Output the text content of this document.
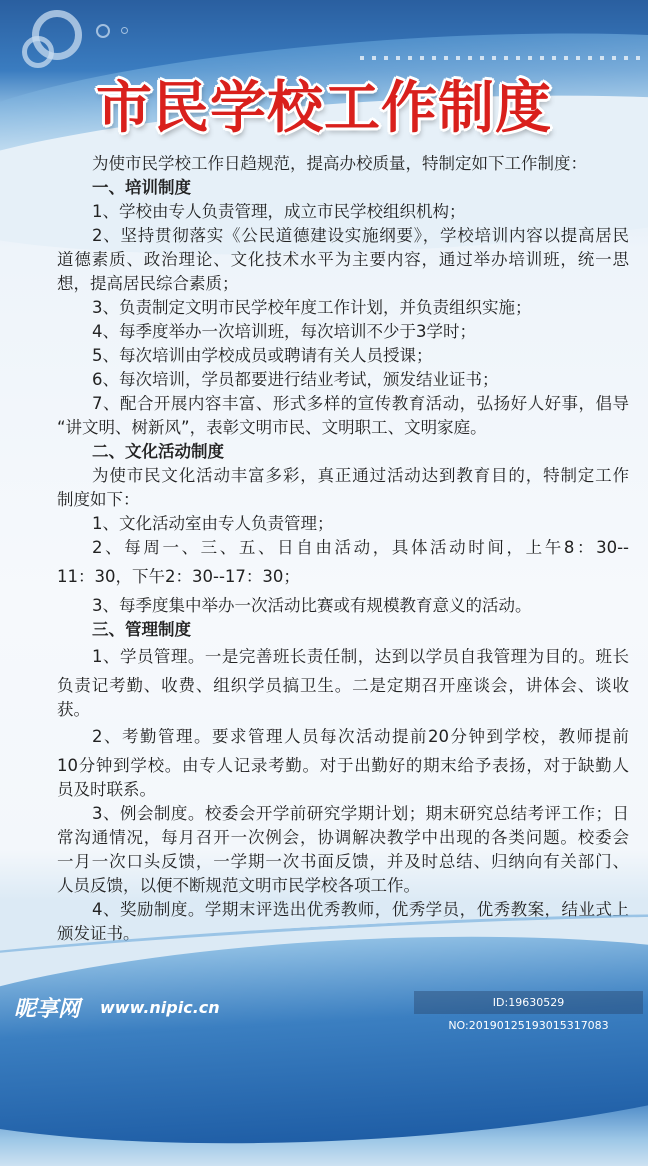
市民学校工作制度
为使市民学校工作日趋规范，提高办校质量，特制定如下工作制度：
一、培训制度
1、学校由专人负责管理，成立市民学校组织机构；
2、坚持贯彻落实《公民道德建设实施纲要》，学校培训内容以提高居民
道德素质、政治理论、文化技术水平为主要内容，通过举办培训班，统一思
想，提高居民综合素质；
3、负责制定文明市民学校年度工作计划，并负责组织实施；
4、每季度举办一次培训班，每次培训不少于3学时；
5、每次培训由学校成员或聘请有关人员授课；
6、每次培训，学员都要进行结业考试，颁发结业证书；
7、配合开展内容丰富、形式多样的宣传教育活动，弘扬好人好事，倡导
“讲文明、树新风”，表彰文明市民、文明职工、文明家庭。
二、文化活动制度
为使市民文化活动丰富多彩，真正通过活动达到教育目的，特制定工作
制度如下：
1、文化活动室由专人负责管理；
2、每周一、三、五、日自由活动，具体活动时间，上午8：30--
11：30，下午2：30--17：30；
3、每季度集中举办一次活动比赛或有规模教育意义的活动。
三、管理制度
1、学员管理。一是完善班长责任制，达到以学员自我管理为目的。班长
负责记考勤、收费、组织学员搞卫生。二是定期召开座谈会，讲体会、谈收
获。
2、考勤管理。要求管理人员每次活动提前20分钟到学校，教师提前
10分钟到学校。由专人记录考勤。对于出勤好的期末给予表扬，对于缺勤人
员及时联系。
3、例会制度。校委会开学前研究学期计划；期末研究总结考评工作；日
常沟通情况，每月召开一次例会，协调解决教学中出现的各类问题。校委会
一月一次口头反馈，一学期一次书面反馈，并及时总结、归纳向有关部门、
人员反馈，以便不断规范文明市民学校各项工作。
4、奖励制度。学期末评选出优秀教师，优秀学员，优秀教案，结业式上
颁发证书。
昵享网 www.nipic.cn	ID:19630529 NO:20190125193015317083
